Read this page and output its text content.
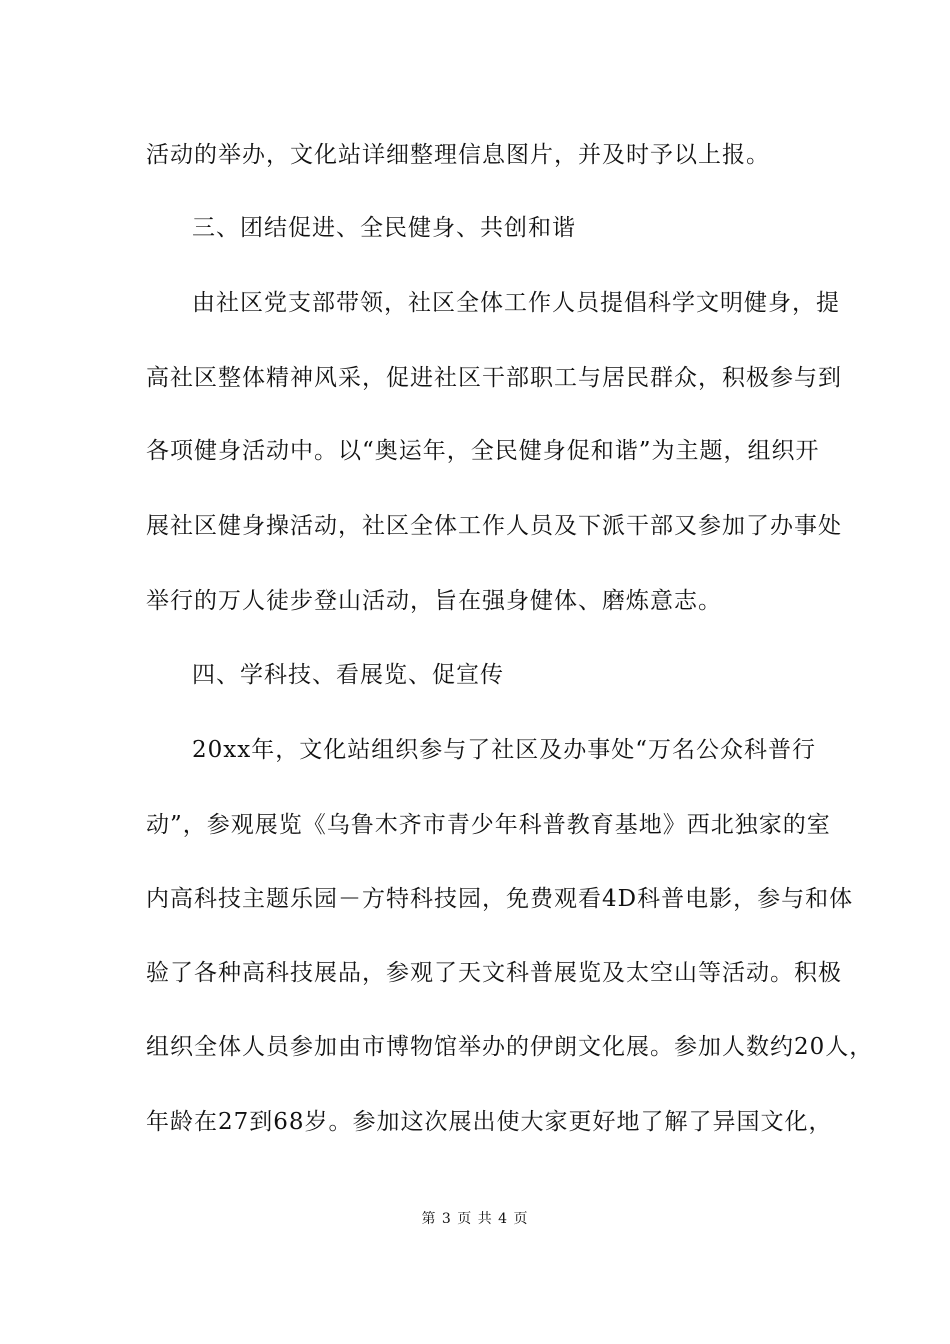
活动的举办，文化站详细整理信息图片，并及时予以上报。
三、团结促进、全民健身、共创和谐
由社区党支部带领，社区全体工作人员提倡科学文明健身，提
高社区整体精神风采，促进社区干部职工与居民群众，积极参与到
各项健身活动中。以“奥运年，全民健身促和谐”为主题，组织开
展社区健身操活动，社区全体工作人员及下派干部又参加了办事处
举行的万人徒步登山活动，旨在强身健体、磨炼意志。
四、学科技、看展览、促宣传
20xx年，文化站组织参与了社区及办事处“万名公众科普行
动”，参观展览《乌鲁木齐市青少年科普教育基地》西北独家的室
内高科技主题乐园－方特科技园，免费观看4D科普电影，参与和体
验了各种高科技展品，参观了天文科普展览及太空山等活动。积极
组织全体人员参加由市博物馆举办的伊朗文化展。参加人数约20人，
年龄在27到68岁。参加这次展出使大家更好地了解了异国文化，
第 3 页 共 4 页
